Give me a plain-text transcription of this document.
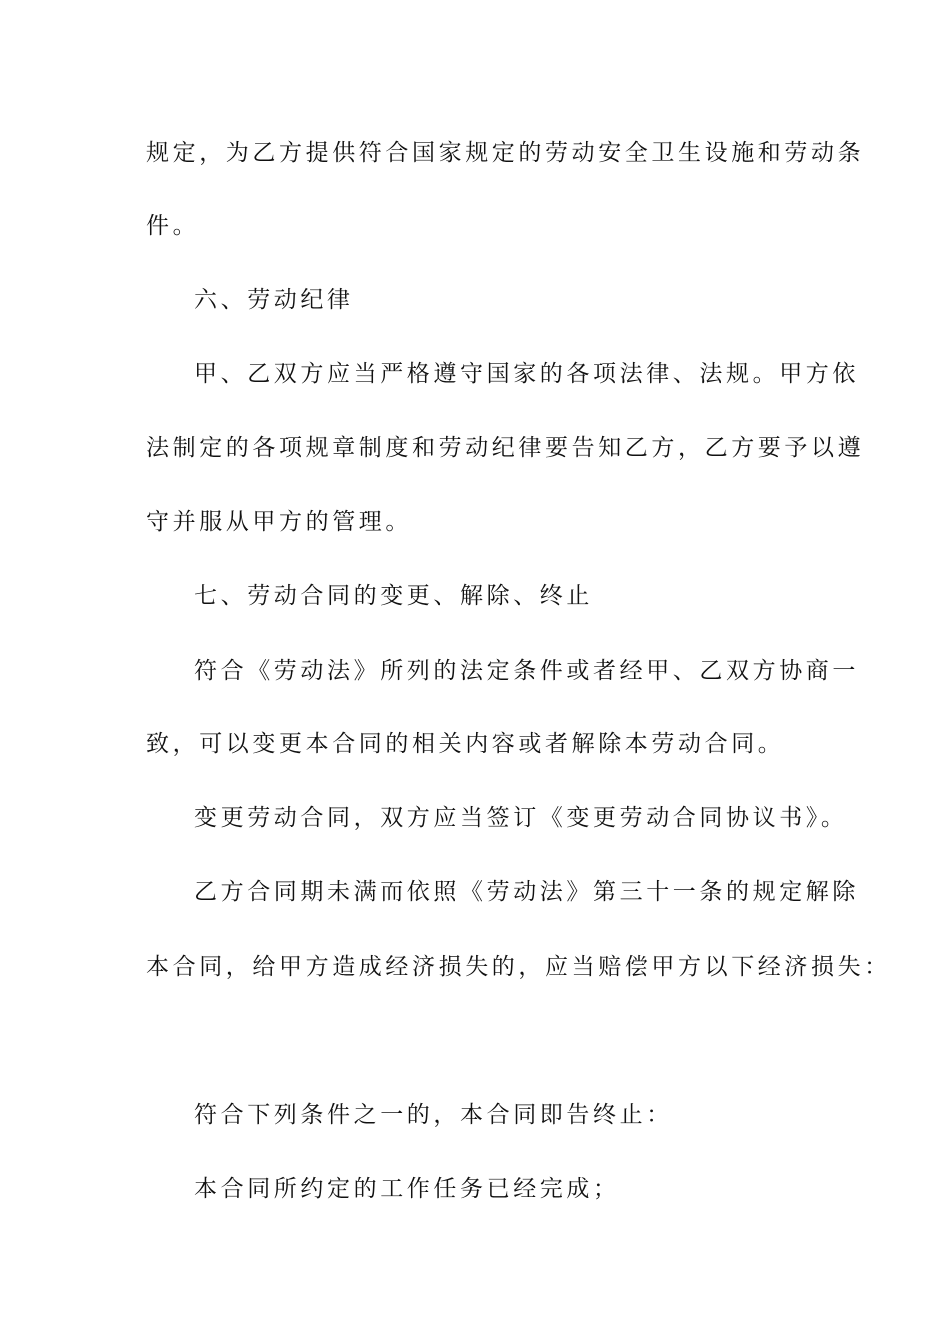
规定，为乙方提供符合国家规定的劳动安全卫生设施和劳动条
件。
六、劳动纪律
甲、乙双方应当严格遵守国家的各项法律、法规。甲方依
法制定的各项规章制度和劳动纪律要告知乙方，乙方要予以遵
守并服从甲方的管理。
七、劳动合同的变更、解除、终止
符合《劳动法》所列的法定条件或者经甲、乙双方协商一
致，可以变更本合同的相关内容或者解除本劳动合同。
变更劳动合同，双方应当签订《变更劳动合同协议书》。
乙方合同期未满而依照《劳动法》第三十一条的规定解除
本合同，给甲方造成经济损失的，应当赔偿甲方以下经济损失：
符合下列条件之一的，本合同即告终止：
本合同所约定的工作任务已经完成；
